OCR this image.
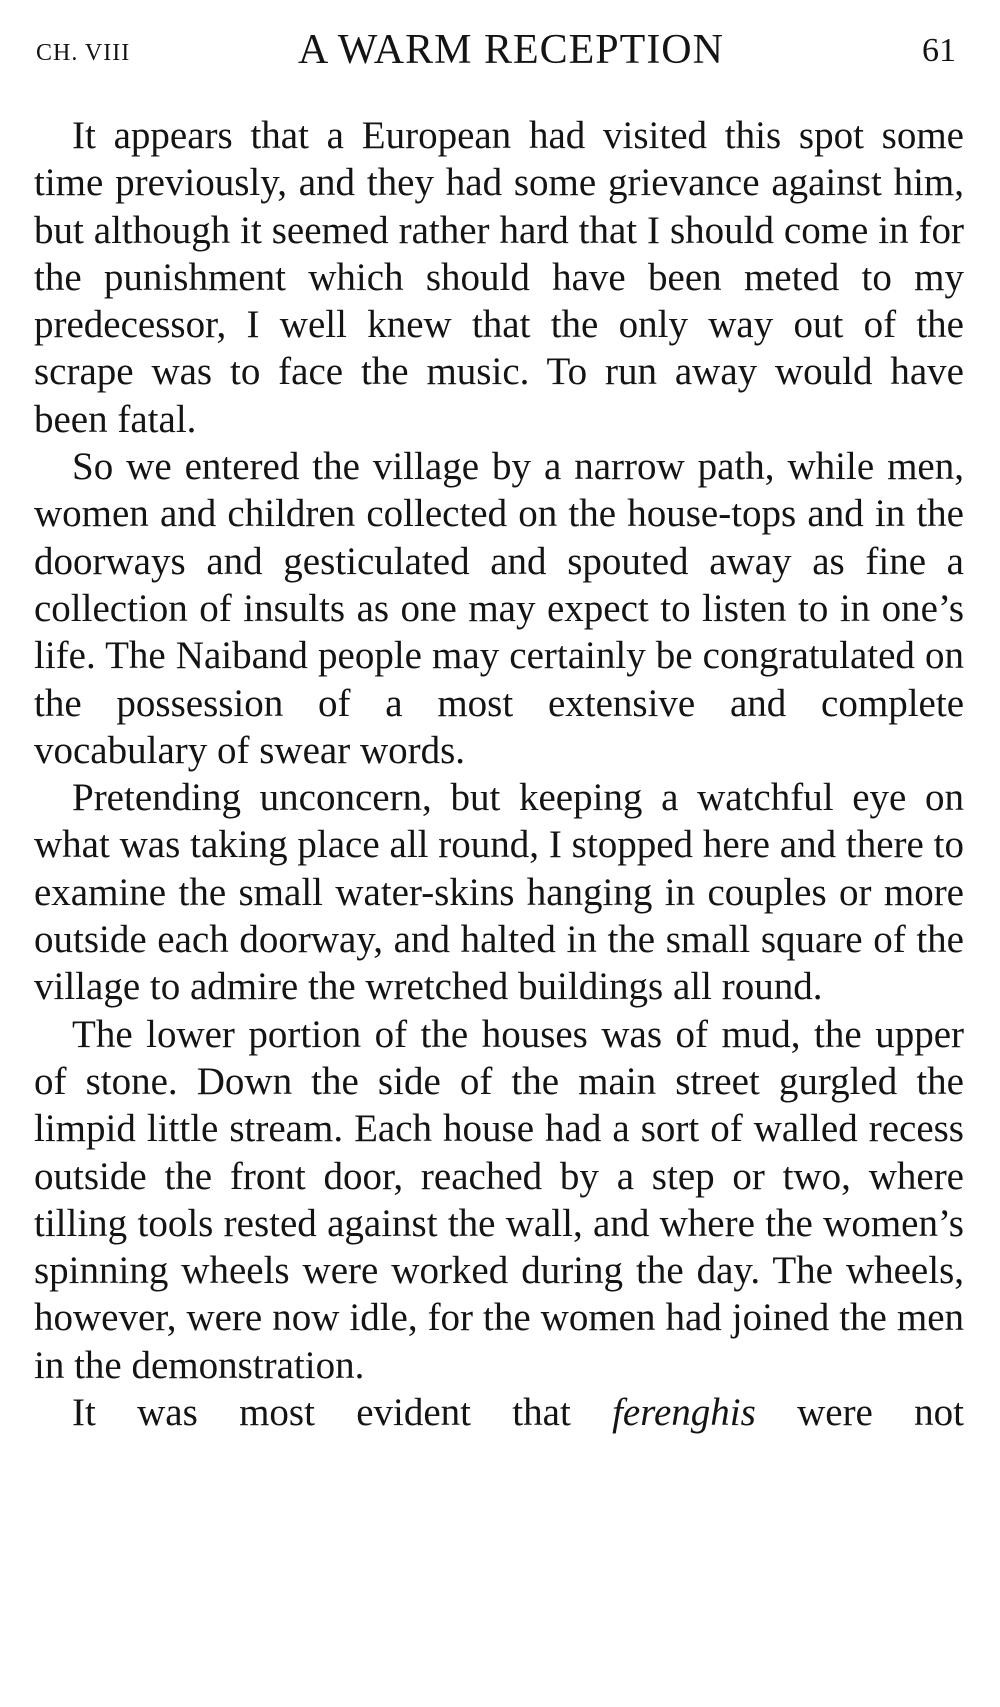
CH. VIII	A WARM RECEPTION	61

It appears that a European had visited this spot some time previously, and they had some grievance against him, but although it seemed rather hard that I should come in for the punishment which should have been meted to my predecessor, I well knew that the only way out of the scrape was to face the music. To run away would have been fatal.

So we entered the village by a narrow path, while men, women and children collected on the house-tops and in the doorways and gesticulated and spouted away as fine a collection of insults as one may expect to listen to in one’s life. The Naiband people may certainly be congratulated on the possession of a most extensive and complete vocabulary of swear words.

Pretending unconcern, but keeping a watchful eye on what was taking place all round, I stopped here and there to examine the small water-skins hanging in couples or more outside each doorway, and halted in the small square of the village to admire the wretched buildings all round.

The lower portion of the houses was of mud, the upper of stone. Down the side of the main street gurgled the limpid little stream. Each house had a sort of walled recess outside the front door, reached by a step or two, where tilling tools rested against the wall, and where the women’s spinning wheels were worked during the day. The wheels, however, were now idle, for the women had joined the men in the demonstration.

It was most evident that ferenghis were not
